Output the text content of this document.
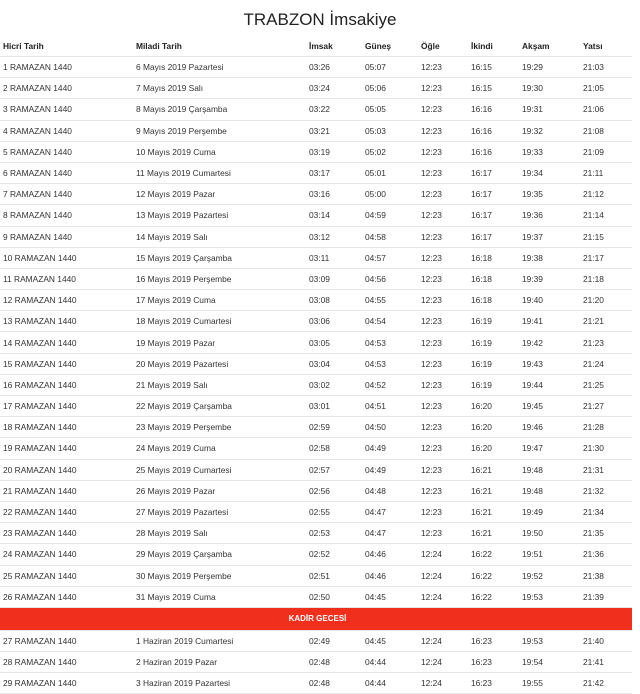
TRABZON İmsakiye
Hicri Tarih	Miladi Tarih	İmsak	Güneş	Öğle	İkindi	Akşam	Yatsı
1 RAMAZAN 1440	6 Mayıs 2019 Pazartesi	03:26	05:07	12:23	16:15	19:29	21:03
2 RAMAZAN 1440	7 Mayıs 2019 Salı	03:24	05:06	12:23	16:15	19:30	21:05
3 RAMAZAN 1440	8 Mayıs 2019 Çarşamba	03:22	05:05	12:23	16:16	19:31	21:06
4 RAMAZAN 1440	9 Mayıs 2019 Perşembe	03:21	05:03	12:23	16:16	19:32	21:08
5 RAMAZAN 1440	10 Mayıs 2019 Cuma	03:19	05:02	12:23	16:16	19:33	21:09
6 RAMAZAN 1440	11 Mayıs 2019 Cumartesi	03:17	05:01	12:23	16:17	19:34	21:11
7 RAMAZAN 1440	12 Mayıs 2019 Pazar	03:16	05:00	12:23	16:17	19:35	21:12
8 RAMAZAN 1440	13 Mayıs 2019 Pazartesi	03:14	04:59	12:23	16:17	19:36	21:14
9 RAMAZAN 1440	14 Mayıs 2019 Salı	03:12	04:58	12:23	16:17	19:37	21:15
10 RAMAZAN 1440	15 Mayıs 2019 Çarşamba	03:11	04:57	12:23	16:18	19:38	21:17
11 RAMAZAN 1440	16 Mayıs 2019 Perşembe	03:09	04:56	12:23	16:18	19:39	21:18
12 RAMAZAN 1440	17 Mayıs 2019 Cuma	03:08	04:55	12:23	16:18	19:40	21:20
13 RAMAZAN 1440	18 Mayıs 2019 Cumartesi	03:06	04:54	12:23	16:19	19:41	21:21
14 RAMAZAN 1440	19 Mayıs 2019 Pazar	03:05	04:53	12:23	16:19	19:42	21:23
15 RAMAZAN 1440	20 Mayıs 2019 Pazartesi	03:04	04:53	12:23	16:19	19:43	21:24
16 RAMAZAN 1440	21 Mayıs 2019 Salı	03:02	04:52	12:23	16:19	19:44	21:25
17 RAMAZAN 1440	22 Mayıs 2019 Çarşamba	03:01	04:51	12:23	16:20	19:45	21:27
18 RAMAZAN 1440	23 Mayıs 2019 Perşembe	02:59	04:50	12:23	16:20	19:46	21:28
19 RAMAZAN 1440	24 Mayıs 2019 Cuma	02:58	04:49	12:23	16:20	19:47	21:30
20 RAMAZAN 1440	25 Mayıs 2019 Cumartesi	02:57	04:49	12:23	16:21	19:48	21:31
21 RAMAZAN 1440	26 Mayıs 2019 Pazar	02:56	04:48	12:23	16:21	19:48	21:32
22 RAMAZAN 1440	27 Mayıs 2019 Pazartesi	02:55	04:47	12:23	16:21	19:49	21:34
23 RAMAZAN 1440	28 Mayıs 2019 Salı	02:53	04:47	12:23	16:21	19:50	21:35
24 RAMAZAN 1440	29 Mayıs 2019 Çarşamba	02:52	04:46	12:24	16:22	19:51	21:36
25 RAMAZAN 1440	30 Mayıs 2019 Perşembe	02:51	04:46	12:24	16:22	19:52	21:38
26 RAMAZAN 1440	31 Mayıs 2019 Cuma	02:50	04:45	12:24	16:22	19:53	21:39
KADİR GECESİ							
27 RAMAZAN 1440	1 Haziran 2019 Cumartesi	02:49	04:45	12:24	16:23	19:53	21:40
28 RAMAZAN 1440	2 Haziran 2019 Pazar	02:48	04:44	12:24	16:23	19:54	21:41
29 RAMAZAN 1440	3 Haziran 2019 Pazartesi	02:48	04:44	12:24	16:23	19:55	21:42
